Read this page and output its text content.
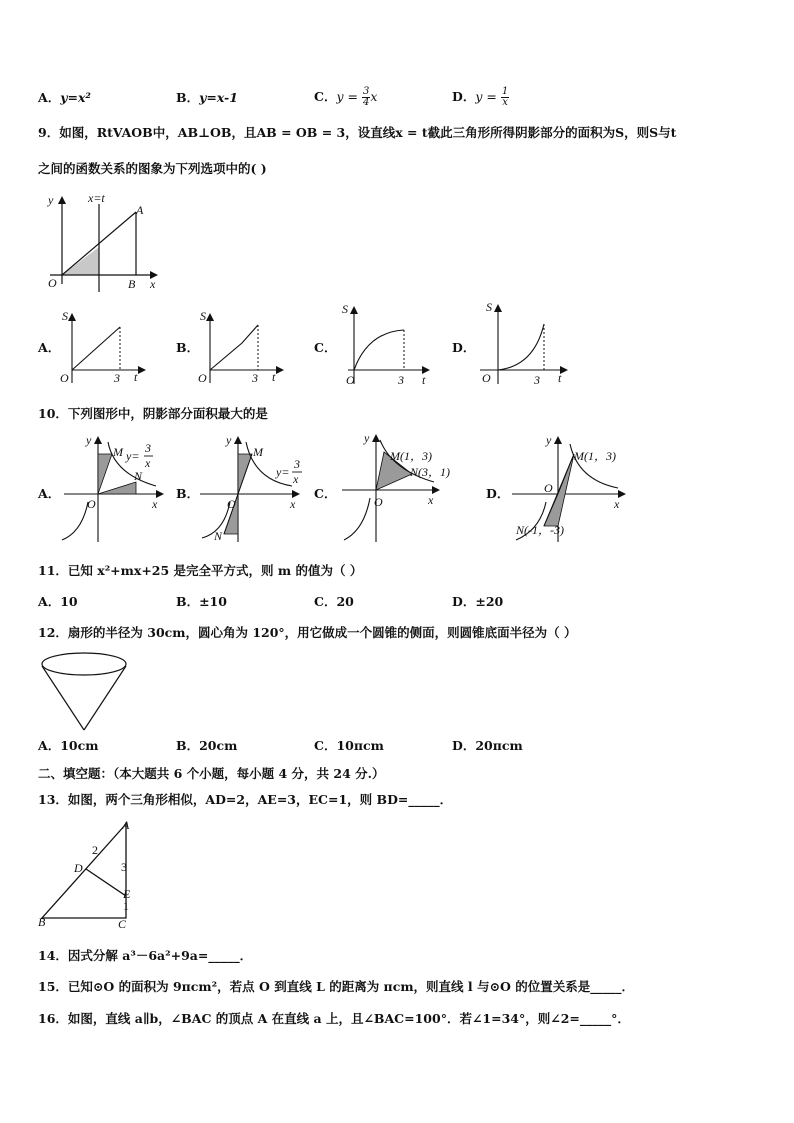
A．y=x²	B．y=x-1	C．$y = \frac{3}{4}$ x	D．$y = \frac{1}{x}$
9．如图，RtVAOB中，AB⊥OB，且AB = OB = 3，设直线x = t截此三角形所得阴影部分的面积为S，则S与t
之间的函数关系的图象为下列选项中的( )
y
x
O	B
A
x=t
A．
S
O	3 t
B．
S
O	3 t
C．
S
O	3 t
D．
S
O	3 t
10．下列图形中，阴影部分面积最大的是
A．
y
x
O
M
N
y=
3
x
B．
y
x
O
M
N
y=
3
x
C．
y
x
O
M(1，3)
N(3，1)
D．
y
x
O
M(1，3)
N(-1，-3)
11．已知 x²+mx+25 是完全平方式，则 m 的值为（ ）
A．10	B．±10	C．20	D．±20
12．扇形的半径为 30cm，圆心角为 120°，用它做成一个圆锥的侧面，则圆锥底面半径为（ ）
A．10cm	B．20cm	C．10πcm	D．20πcm
二、填空题：（本大题共 6 个小题，每小题 4 分，共 24 分.）
13．如图，两个三角形相似，AD=2，AE=3，EC=1，则 BD=_____．
A
D
E
B	C
2
3
1
14．因式分解 a³－6a²+9a=_____．
15．已知⊙O 的面积为 9πcm²，若点 O 到直线 L 的距离为 πcm，则直线 l 与⊙O 的位置关系是_____．
16．如图，直线 a∥b，∠BAC 的顶点 A 在直线 a 上，且∠BAC=100°．若∠1=34°，则∠2=_____°．
